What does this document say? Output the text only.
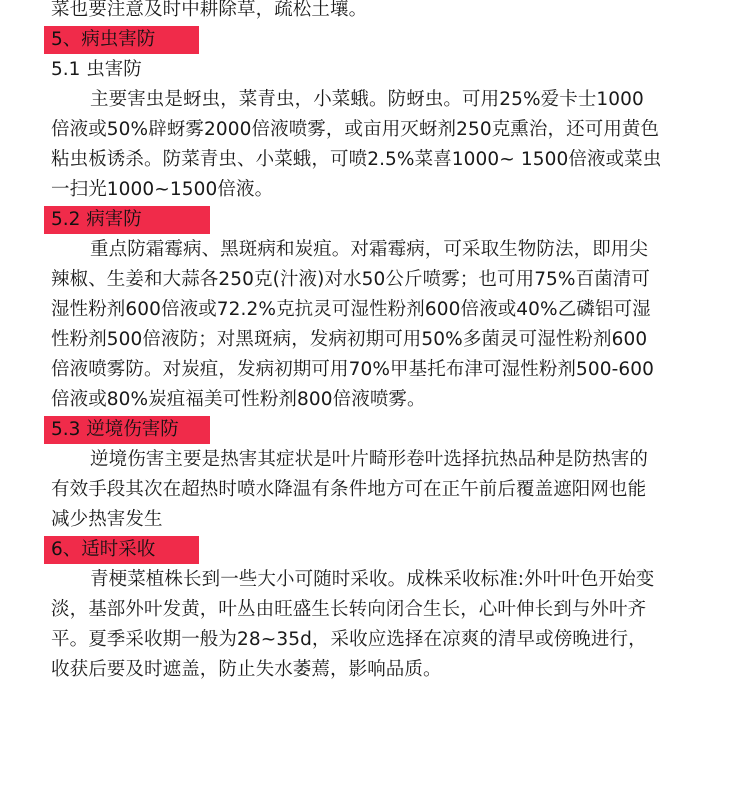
菜也要注意及时中耕除草，疏松土壤。
5、病虫害防
5.1 虫害防
主要害虫是蚜虫，菜青虫，小菜蛾。防蚜虫。可用25%爱卡士1000
倍液或50%辟蚜雾2000倍液喷雾，或亩用灭蚜剂250克熏治，还可用黄色
粘虫板诱杀。防菜青虫、小菜蛾，可喷2.5%菜喜1000~ 1500倍液或菜虫
一扫光1000~1500倍液。
5.2 病害防
重点防霜霉病、黑斑病和炭疽。对霜霉病，可采取生物防法，即用尖
辣椒、生姜和大蒜各250克(汁液)对水50公斤喷雾；也可用75%百菌清可
湿性粉剂600倍液或72.2%克抗灵可湿性粉剂600倍液或40%乙磷铝可湿
性粉剂500倍液防；对黑斑病，发病初期可用50%多菌灵可湿性粉剂600
倍液喷雾防。对炭疽，发病初期可用70%甲基托布津可湿性粉剂500-600
倍液或80%炭疽福美可性粉剂800倍液喷雾。
5.3 逆境伤害防
逆境伤害主要是热害其症状是叶片畸形卷叶选择抗热品种是防热害的
有效手段其次在超热时喷水降温有条件地方可在正午前后覆盖遮阳网也能
减少热害发生
6、适时采收
青梗菜植株长到一些大小可随时采收。成株采收标准:外叶叶色开始变
淡，基部外叶发黄，叶丛由旺盛生长转向闭合生长，心叶伸长到与外叶齐
平。夏季采收期一般为28~35d，采收应选择在凉爽的清早或傍晚进行，
收获后要及时遮盖，防止失水萎蔫，影响品质。
